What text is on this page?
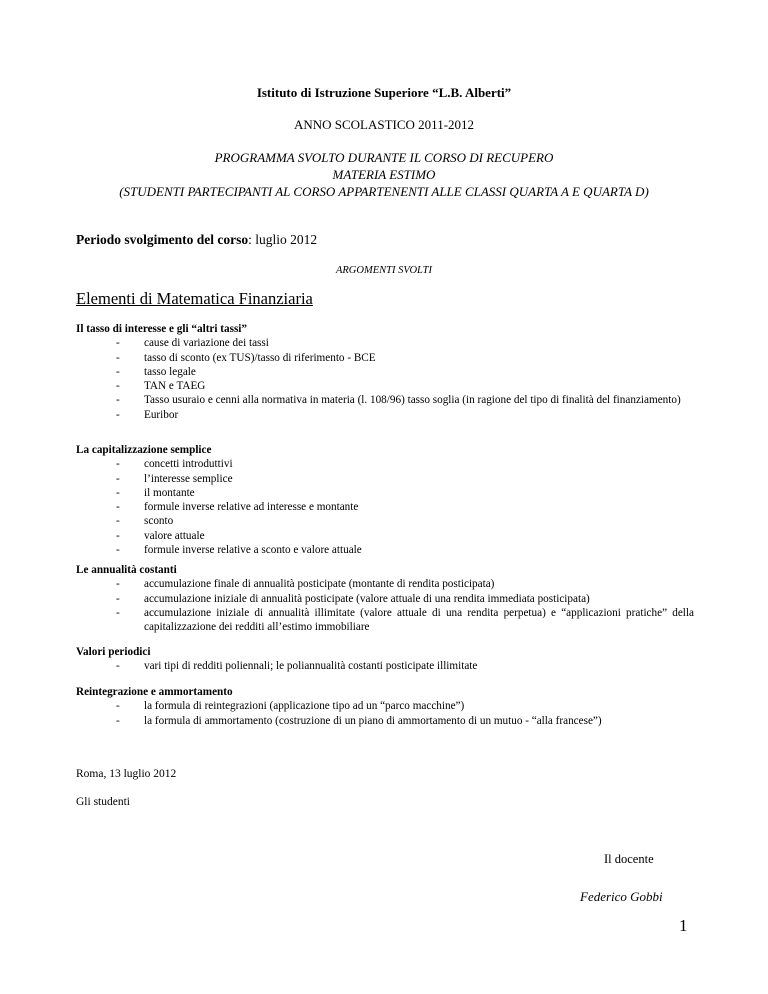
Istituto di Istruzione Superiore “L.B. Alberti”
ANNO SCOLASTICO 2011-2012
PROGRAMMA SVOLTO DURANTE IL CORSO DI RECUPERO
MATERIA ESTIMO
(STUDENTI PARTECIPANTI AL CORSO APPARTENENTI ALLE CLASSI QUARTA A E QUARTA D)
Periodo svolgimento del corso: luglio 2012
ARGOMENTI SVOLTI
Elementi di Matematica Finanziaria
Il tasso di interesse e gli “altri tassi”
- cause di variazione dei tassi
- tasso di sconto (ex TUS)/tasso di riferimento - BCE
- tasso legale
- TAN e TAEG
- Tasso usuraio e cenni alla normativa in materia (l. 108/96) tasso soglia (in ragione del tipo di finalità del finanziamento)
- Euribor
La capitalizzazione semplice
- concetti introduttivi
- l’interesse semplice
- il montante
- formule inverse relative ad interesse e montante
- sconto
- valore attuale
- formule inverse relative a sconto e valore attuale
Le annualità costanti
- accumulazione finale di annualità posticipate (montante di rendita posticipata)
- accumulazione iniziale di annualità posticipate (valore attuale di una rendita immediata posticipata)
- accumulazione iniziale di annualità illimitate (valore attuale di una rendita perpetua) e “applicazioni pratiche” della capitalizzazione dei redditi all’estimo immobiliare
Valori periodici
- vari tipi di redditi poliennali; le poliannualità costanti posticipate illimitate
Reintegrazione e ammortamento
- la formula di reintegrazioni (applicazione tipo ad un “parco macchine”)
- la formula di ammortamento (costruzione di un piano di ammortamento di un mutuo - “alla francese”)
Roma, 13 luglio 2012
Gli studenti
Il docente
Federico Gobbi
1
